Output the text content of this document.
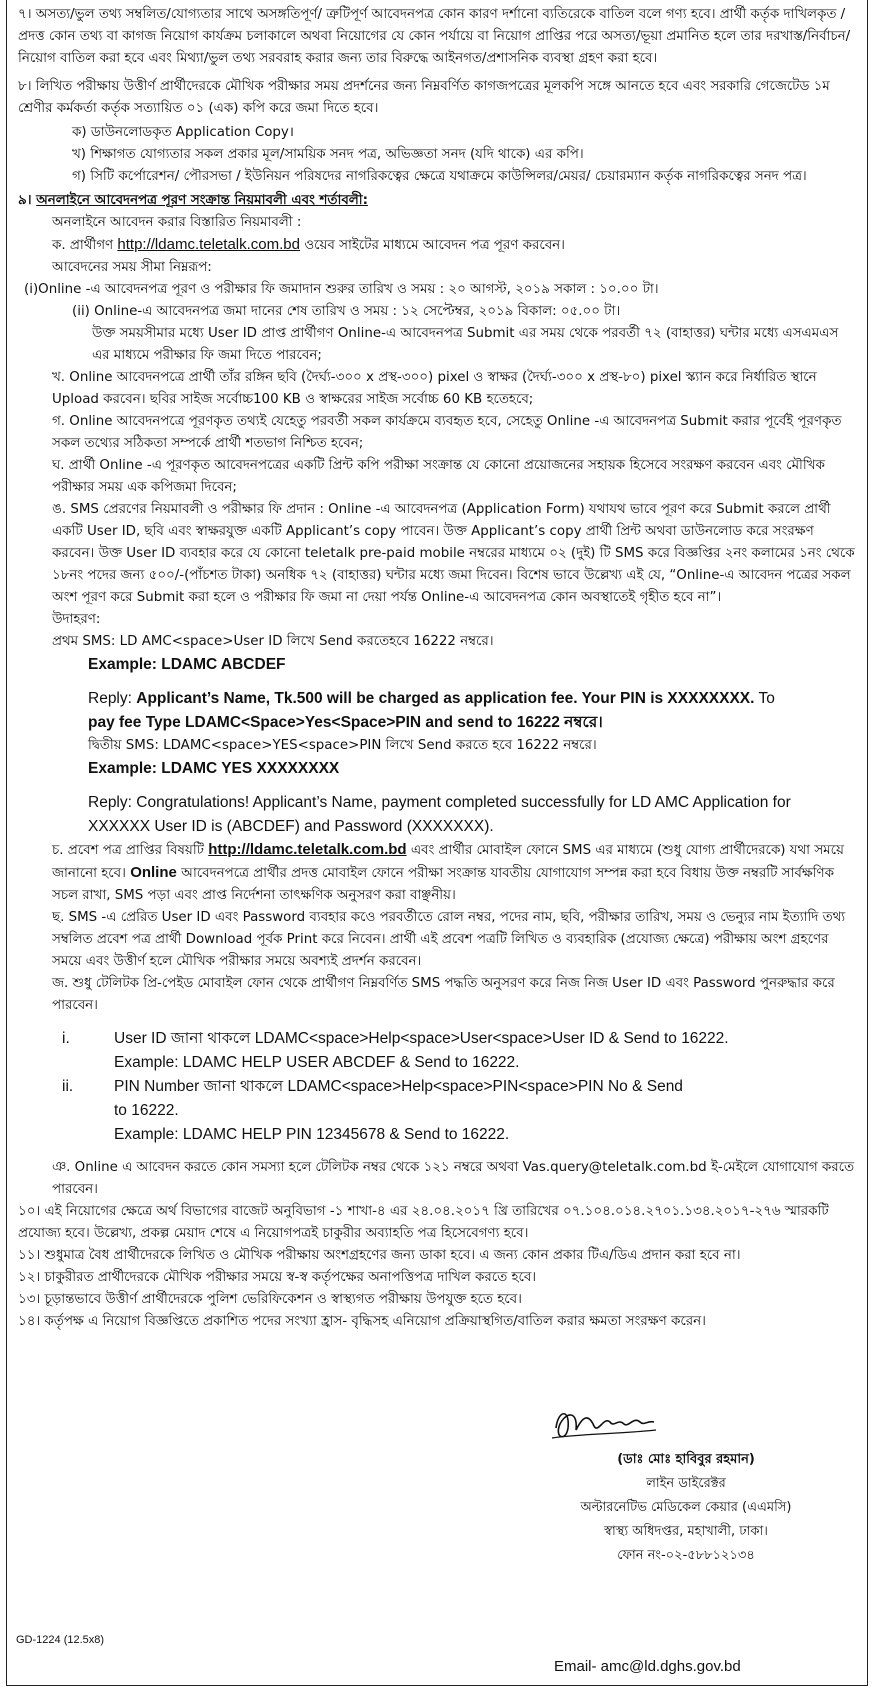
৭। অসত্য/ভুল তথ্য সম্বলিত/যোগ্যতার সাথে অসঙ্গতিপূর্ণ/ ত্রুটিপূর্ণ আবেদনপত্র কোন কারণ দর্শানো ব্যতিরেকে বাতিল বলে গণ্য হবে। প্রার্থী কর্তৃক দাখিলকৃত /প্রদত্ত কোন তথ্য বা কাগজ নিয়োগ কার্যক্রম চলাকালে অথবা নিয়োগের যে কোন পর্যায়ে বা নিয়োগ প্রাপ্তির পরে অসত্য/ভূয়া প্রমানিত হলে তার দরখাস্ত/নির্বাচন/নিয়োগ বাতিল করা হবে এবং মিথ্যা/ভুল তথ্য সরবরাহ করার জন্য তার বিরুদ্ধে আইনগত/প্রশাসনিক ব্যবস্থা গ্রহণ করা হবে।

৮। লিখিত পরীক্ষায় উত্তীর্ণ প্রার্থীদেরকে মৌখিক পরীক্ষার সময় প্রদর্শনের জন্য নিম্নবর্ণিত কাগজপত্রের মূলকপি সঙ্গে আনতে হবে এবং সরকারি গেজেটেড ১ম শ্রেণীর কর্মকর্তা কর্তৃক সত্যায়িত ০১ (এক) কপি করে জমা দিতে হবে।

ক) ডাউনলোডকৃত Application Copy।
খ) শিক্ষাগত যোগ্যতার সকল প্রকার মূল/সাময়িক সনদ পত্র, অভিজ্ঞতা সনদ (যদি থাকে) এর কপি।
গ) সিটি কর্পোরেশন/ পৌরসভা / ইউনিয়ন পরিষদের নাগরিকত্বের ক্ষেত্রে যথাক্রমে কাউন্সিলর/মেয়র/ চেয়ারম্যান কর্তৃক নাগরিকত্বের সনদ পত্র।
৯। অনলাইনে আবেদনপত্র পূরণ সংক্রান্ত নিয়মাবলী এবং শর্তাবলী:
অনলাইনে আবেদন করার বিস্তারিত নিয়মাবলী :
ক. প্রার্থীগণ http://ldamc.teletalk.com.bd ওয়েব সাইটের মাধ্যমে আবেদন পত্র পূরণ করবেন।
আবেদনের সময় সীমা নিম্নরূপ:
(i)Online -এ আবেদনপত্র পূরণ ও পরীক্ষার ফি জমাদান শুরুর তারিখ ও সময় : ২০ আগস্ট, ২০১৯ সকাল : ১০.০০ টা।
(ii) Online-এ আবেদনপত্র জমা দানের শেষ তারিখ ও সময় : ১২ সেপ্টেম্বর, ২০১৯ বিকাল: ০৫.০০ টা।
উক্ত সময়সীমার মধ্যে User ID প্রাপ্ত প্রার্থীগণ Online-এ আবেদনপত্র Submit এর সময় থেকে পরবর্তী ৭২ (বাহাত্তর) ঘন্টার মধ্যে এসএমএস এর মাধ্যমে পরীক্ষার ফি জমা দিতে পারবেন;
খ. Online আবেদনপত্রে প্রার্থী তাঁর রঙ্গিন ছবি (দৈর্ঘ্য-৩০০ x প্রস্থ-৩০০) pixel ও স্বাক্ষর (দৈর্ঘ্য-৩০০ x প্রস্থ-৮০) pixel স্ক্যান করে নির্ধারিত স্থানে Upload করবেন। ছবির সাইজ সর্বোচ্চ100 KB ও স্বাক্ষরের সাইজ সর্বোচ্চ 60 KB হতেহবে;
গ. Online আবেদনপত্রে পূরণকৃত তথ্যই যেহেতু পরবর্তী সকল কার্যক্রমে ব্যবহৃত হবে, সেহেতু Online -এ আবেদনপত্র Submit করার পূর্বেই পূরণকৃত সকল তথ্যের সঠিকতা সম্পর্কে প্রার্থী শতভাগ নিশ্চিত হবেন;
ঘ. প্রার্থী Online -এ পূরণকৃত আবেদনপত্রের একটি প্রিন্ট কপি পরীক্ষা সংক্রান্ত যে কোনো প্রয়োজনের সহায়ক হিসেবে সংরক্ষণ করবেন এবং মৌখিক পরীক্ষার সময় এক কপিজমা দিবেন;
ঙ. SMS প্রেরণের নিয়মাবলী ও পরীক্ষার ফি প্রদান : Online -এ আবেদনপত্র (Application Form) যথাযথ ভাবে পূরণ করে Submit করলে প্রার্থী একটি User ID, ছবি এবং স্বাক্ষরযুক্ত একটি Applicant’s copy পাবেন। উক্ত Applicant’s copy প্রার্থী প্রিন্ট অথবা ডাউনলোড করে সংরক্ষণ করবেন। উক্ত User ID ব্যবহার করে যে কোনো teletalk pre-paid mobile নম্বরের মাধ্যমে ০২ (দুই) টি SMS করে বিজ্ঞপ্তির ২নং কলামের ১নং থেকে ১৮নং পদের জন্য ৫০০/-(পাঁচশত টাকা) অনধিক ৭২ (বাহাত্তর) ঘন্টার মধ্যে জমা দিবেন। বিশেষ ভাবে উল্লেখ্য এই যে, “Online-এ আবেদন পত্রের সকল অংশ পূরণ করে Submit করা হলে ও পরীক্ষার ফি জমা না দেয়া পর্যন্ত Online-এ আবেদনপত্র কোন অবস্থাতেই গৃহীত হবে না”।
উদাহরণ:
প্রথম SMS: LD AMC<space>User ID লিখে Send করতেহবে 16222 নম্বরে।
Example: LDAMC ABCDEF
Reply: Applicant’s Name, Tk.500 will be charged as application fee. Your PIN is XXXXXXXX. To
pay fee Type LDAMC<Space>Yes<Space>PIN and send to 16222 নম্বরে।
দ্বিতীয় SMS: LDAMC<space>YES<space>PIN লিখে Send করতে হবে 16222 নম্বরে।
Example: LDAMC YES XXXXXXXX
Reply: Congratulations! Applicant’s Name, payment completed successfully for LD AMC Application for XXXXXX User ID is (ABCDEF) and Password (XXXXXXX).
চ. প্রবেশ পত্র প্রাপ্তির বিষয়টি http://ldamc.teletalk.com.bd এবং প্রার্থীর মোবাইল ফোনে SMS এর মাধ্যমে (শুধু যোগ্য প্রার্থীদেরকে) যথা সময়ে জানানো হবে। Online আবেদনপত্রে প্রার্থীর প্রদত্ত মোবাইল ফোনে পরীক্ষা সংক্রান্ত যাবতীয় যোগাযোগ সম্পন্ন করা হবে বিধায় উক্ত নম্বরটি সার্বক্ষণিক সচল রাখা, SMS পড়া এবং প্রাপ্ত নির্দেশনা তাৎক্ষণিক অনুসরণ করা বাঞ্ছনীয়।
ছ. SMS -এ প্রেরিত User ID এবং Password ব্যবহার কওে পরবর্তীতে রোল নম্বর, পদের নাম, ছবি, পরীক্ষার তারিখ, সময় ও ভেন্যুর নাম ইত্যাদি তথ্য সম্বলিত প্রবেশ পত্র প্রার্থী Download পূর্বক Print করে নিবেন। প্রার্থী এই প্রবেশ পত্রটি লিখিত ও ব্যবহারিক (প্রযোজ্য ক্ষেত্রে) পরীক্ষায় অংশ গ্রহণের সময়ে এবং উত্তীর্ণ হলে মৌখিক পরীক্ষার সময়ে অবশ্যই প্রদর্শন করবেন।
জ. শুধু টেলিটক প্রি-পেইড মোবাইল ফোন থেকে প্রার্থীগণ নিম্নবর্ণিত SMS পদ্ধতি অনুসরণ করে নিজ নিজ User ID এবং Password পুনরুদ্ধার করে পারবেন।
i.	User ID জানা থাকলে LDAMC<space>Help<space>User<space>User ID & Send to 16222.
Example: LDAMC HELP USER ABCDEF & Send to 16222.
ii.	PIN Number জানা থাকলে LDAMC<space>Help<space>PIN<space>PIN No & Send to 16222.
Example: LDAMC HELP PIN 12345678 & Send to 16222.
ঞ. Online এ আবেদন করতে কোন সমস্যা হলে টেলিটক নম্বর থেকে ১২১ নম্বরে অথবা Vas.query@teletalk.com.bd ই-মেইলে যোগাযোগ করতে পারবেন।
১০। এই নিয়োগের ক্ষেত্রে অর্থ বিভাগের বাজেট অনুবিভাগ -১ শাখা-৪ এর ২৪.০৪.২০১৭ খ্রি তারিখের ০৭.১০৪.০১৪.২৭০১.১৩৪.২০১৭-২৭৬ স্মারকটি প্রযোজ্য হবে। উল্লেখ্য, প্রকল্প মেয়াদ শেষে এ নিয়োগপত্রই চাকুরীর অব্যাহতি পত্র হিসেবেগণ্য হবে।
১১। শুধুমাত্র বৈধ প্রার্থীদেরকে লিখিত ও মৌখিক পরীক্ষায় অংশগ্রহণের জন্য ডাকা হবে। এ জন্য কোন প্রকার টিএ/ডিএ প্রদান করা হবে না।
১২। চাকুরীরত প্রার্থীদেরকে মৌখিক পরীক্ষার সময়ে স্ব-স্ব কর্তৃপক্ষের অনাপত্তিপত্র দাখিল করতে হবে।
১৩। চূড়ান্তভাবে উত্তীর্ণ প্রার্থীদেরকে পুলিশ ভেরিফিকেশন ও স্বাস্থ্যগত পরীক্ষায় উপযুক্ত হতে হবে।
১৪। কর্তৃপক্ষ এ নিয়োগ বিজ্ঞপ্তিতে প্রকাশিত পদের সংখ্যা হ্রাস- বৃদ্ধিসহ এনিয়োগ প্রক্রিয়াস্থগিত/বাতিল করার ক্ষমতা সংরক্ষণ করেন।
(ডাঃ মোঃ হাবিবুর রহমান)
লাইন ডাইরেক্টর
অল্টারনেটিভ মেডিকেল কেয়ার (এএমসি)
স্বাস্থ্য অধিদপ্তর, মহাখালী, ঢাকা।
ফোন নং-০২-৫৮৮১২১৩৪
GD-1224 (12.5x8)
Email- amc@ld.dghs.gov.bd
